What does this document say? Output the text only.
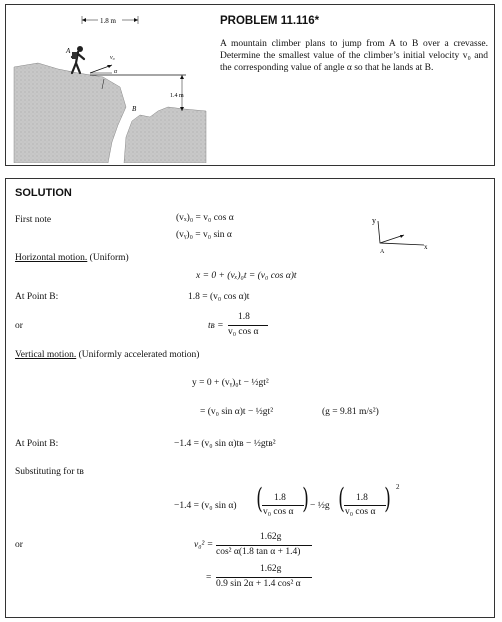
1.8 m
1.4 m
A
B
v₀
α
PROBLEM 11.116*
A mountain climber plans to jump from A to B over a crevasse. Determine the smallest value of the climber’s initial velocity v₀ and the corresponding value of angle α so that he lands at B.
SOLUTION
First note	(vₓ)₀ = v₀ cos α
(vᵧ)₀ = v₀ sin α
y
x
A
Horizontal motion. (Uniform)
x = 0 + (vₓ)₀t = (v₀ cos α)t
At Point B:	1.8 = (v₀ cos α)t
or	tʙ =
1.8
v₀ cos α
Vertical motion. (Uniformly accelerated motion)
y = 0 + (vᵧ)₀t − ½gt²
= (v₀ sin α)t − ½gt²	(g = 9.81 m/s²)
At Point B:	−1.4 = (v₀ sin α)tʙ − ½gtʙ²
Substituting for tʙ
−1.4 = (v₀ sin α) ( 1.8
v₀ cos α ) − ½g ( 1.8
v₀ cos α ) 2
or	v₀² =
1.62g
cos² α(1.8 tan α + 1.4)
=
1.62g
0.9 sin 2α + 1.4 cos² α
